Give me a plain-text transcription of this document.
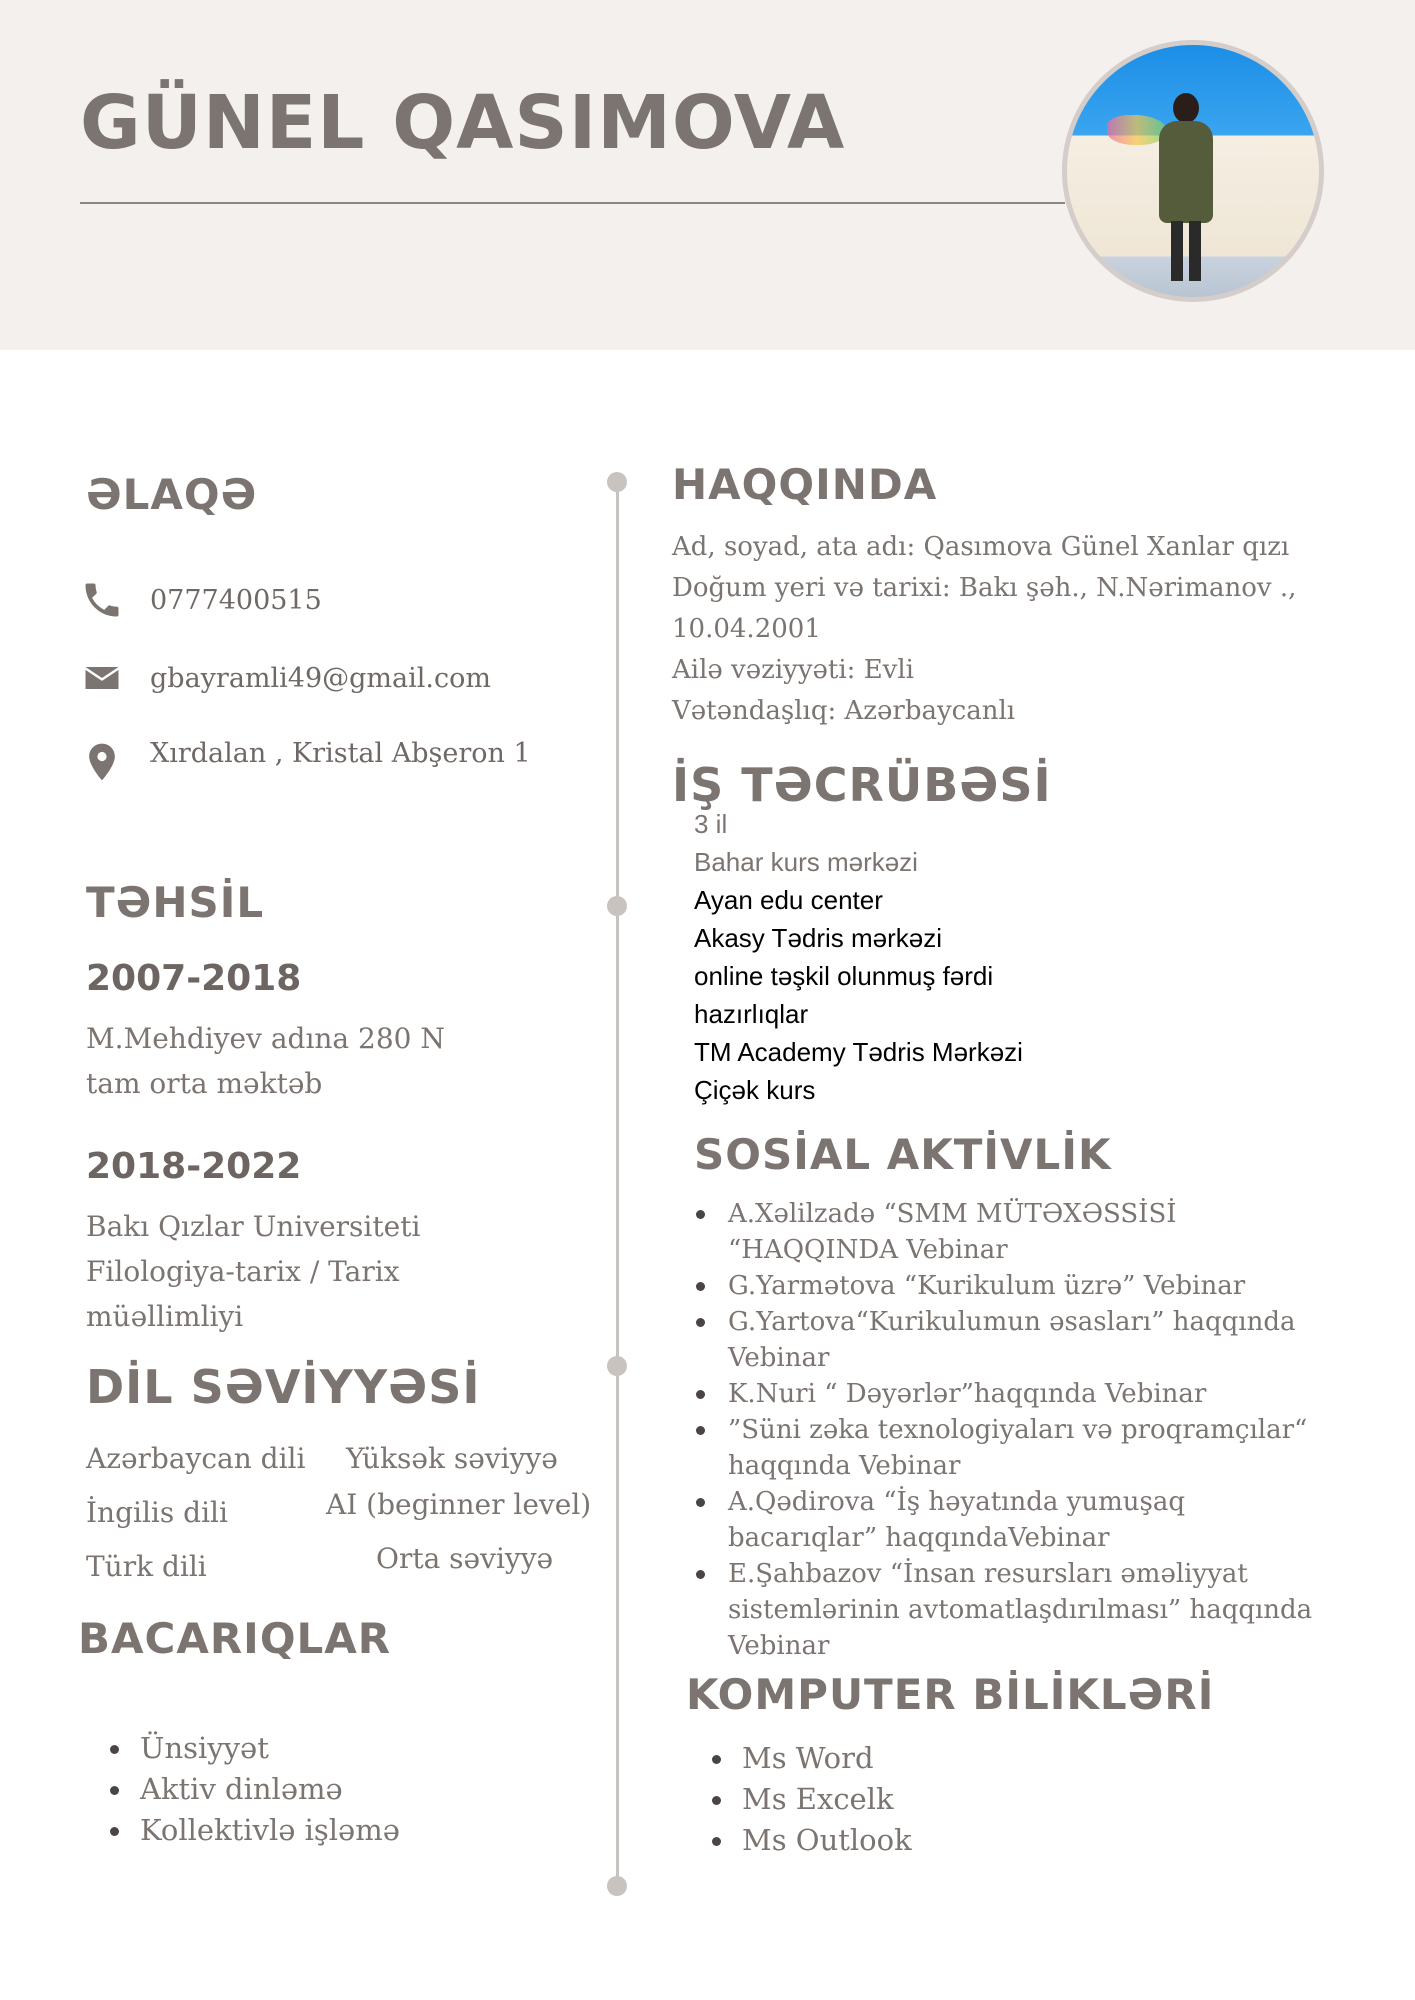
GÜNEL QASIMOVA
ƏLAQƏ
0777400515
gbayramli49@gmail.com
Xırdalan , Kristal Abşeron 1
TƏHSİL
2007-2018
M.Mehdiyev adına 280 N
tam orta məktəb
2018-2022
Bakı Qızlar Universiteti
Filologiya-tarix / Tarix
müəllimliyi
DİL SƏVİYYƏSİ
Azərbaycan dili Yüksək səviyyə
İngilis dili	AI (beginner level)
Türk dili	Orta səviyyə
BACARIQLAR
Ünsiyyət
Aktiv dinləmə
Kollektivlə işləmə
HAQQINDA
Ad, soyad, ata adı: Qasımova Günel Xanlar qızı
Doğum yeri və tarixi: Bakı şəh., N.Nərimanov .,
10.04.2001
Ailə vəziyyəti: Evli
Vətəndaşlıq: Azərbaycanlı
İŞ TƏCRÜBƏSİ
3 il
Bahar kurs mərkəzi
Ayan edu center
Akasy Tədris mərkəzi
online təşkil olunmuş fərdi
hazırlıqlar
TM Academy Tədris Mərkəzi
Çiçək kurs
SOSİAL AKTİVLİK
A.Xəlilzadə “SMM MÜTƏXƏSSİSİ
“HAQQINDA Vebinar
G.Yarmətova “Kurikulum üzrə” Vebinar
G.Yartova“Kurikulumun əsasları” haqqında
Vebinar
K.Nuri “ Dəyərlər”haqqında Vebinar
”Süni zəka texnologiyaları və proqramçılar“
haqqında Vebinar
A.Qədirova “İş həyatında yumuşaq
bacarıqlar” haqqındaVebinar
E.Şahbazov “İnsan resursları əməliyyat
sistemlərinin avtomatlaşdırılması” haqqında
Vebinar
KOMPUTER BİLİKLƏRİ
Ms Word
Ms Excelk
Ms Outlook
